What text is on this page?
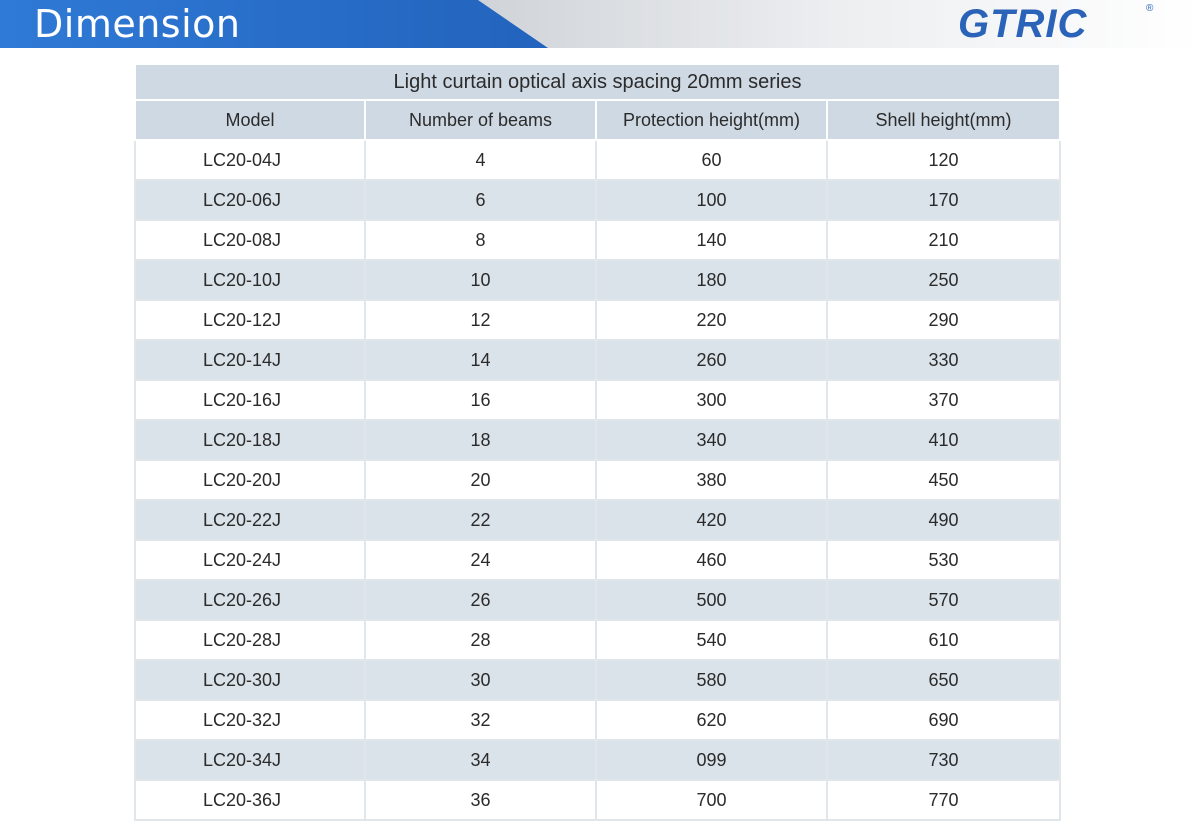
Dimension	GTRIC	®
Light curtain optical axis spacing 20mm series			
Model	Number of beams	Protection height(mm)	Shell height(mm)
LC20-04J	4	60	120
LC20-06J	6	100	170
LC20-08J	8	140	210
LC20-10J	10	180	250
LC20-12J	12	220	290
LC20-14J	14	260	330
LC20-16J	16	300	370
LC20-18J	18	340	410
LC20-20J	20	380	450
LC20-22J	22	420	490
LC20-24J	24	460	530
LC20-26J	26	500	570
LC20-28J	28	540	610
LC20-30J	30	580	650
LC20-32J	32	620	690
LC20-34J	34	099	730
LC20-36J	36	700	770
